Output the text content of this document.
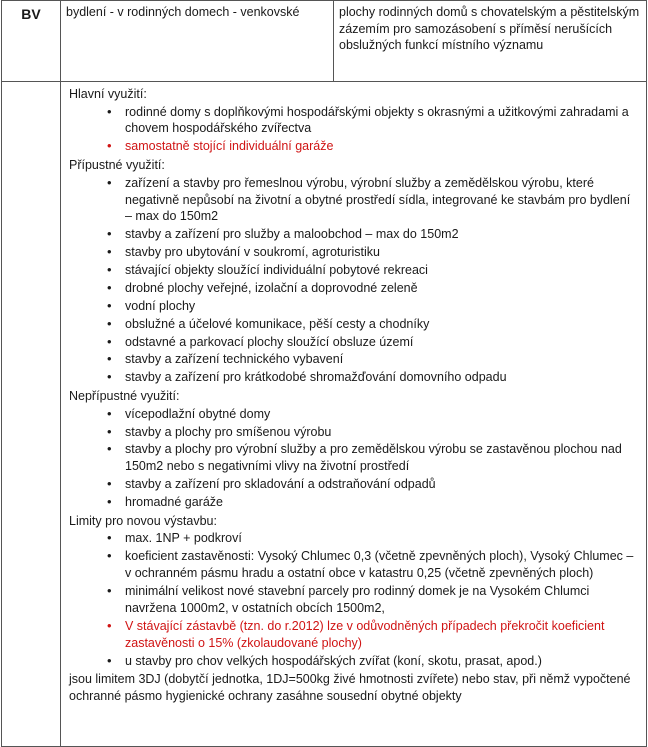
BV	bydlení - v rodinných domech - venkovské	plochy rodinných domů s chovatelským a pěstitelským zázemím pro samozásobení s příměsí nerušících obslužných funkcí místního významu

Hlavní využití:
• rodinné domy s doplňkovými hospodářskými objekty s okrasnými a užitkovými zahradami a chovem hospodářského zvířectva
• samostatně stojící individuální garáže
Přípustné využití:
• zařízení a stavby pro řemeslnou výrobu, výrobní služby a zemědělskou výrobu, které negativně nepůsobí na životní a obytné prostředí sídla, integrované ke stavbám pro bydlení – max do 150m2
• stavby a zařízení pro služby a maloobchod – max do 150m2
• stavby pro ubytování v soukromí, agroturistiku
• stávající objekty sloužící individuální pobytové rekreaci
• drobné plochy veřejné, izolační a doprovodné zeleně
• vodní plochy
• obslužné a účelové komunikace, pěší cesty a chodníky
• odstavné a parkovací plochy sloužící obsluze území
• stavby a zařízení technického vybavení
• stavby a zařízení pro krátkodobé shromažďování domovního odpadu
Nepřípustné využití:
• vícepodlažní obytné domy
• stavby a plochy pro smíšenou výrobu
• stavby a plochy pro výrobní služby a pro zemědělskou výrobu se zastavěnou plochou nad 150m2 nebo s negativními vlivy na životní prostředí
• stavby a zařízení pro skladování a odstraňování odpadů
• hromadné garáže
Limity pro novou výstavbu:
• max. 1NP + podkroví
• koeficient zastavěnosti: Vysoký Chlumec 0,3 (včetně zpevněných ploch), Vysoký Chlumec – v ochranném pásmu hradu a ostatní obce v katastru 0,25 (včetně zpevněných ploch)
• minimální velikost nové stavební parcely pro rodinný domek je na Vysokém Chlumci navržena 1000m2, v ostatních obcích 1500m2,
• V stávající zástavbě (tzn. do r.2012) lze v odůvodněných případech překročit koeficient zastavěnosti o 15% (zkolaudované plochy)
• u stavby pro chov velkých hospodářských zvířat (koní, skotu, prasat, apod.)
jsou limitem 3DJ (dobytčí jednotka, 1DJ=500kg živé hmotnosti zvířete) nebo stav, při němž vypočtené ochranné pásmo hygienické ochrany zasáhne sousední obytné objekty
